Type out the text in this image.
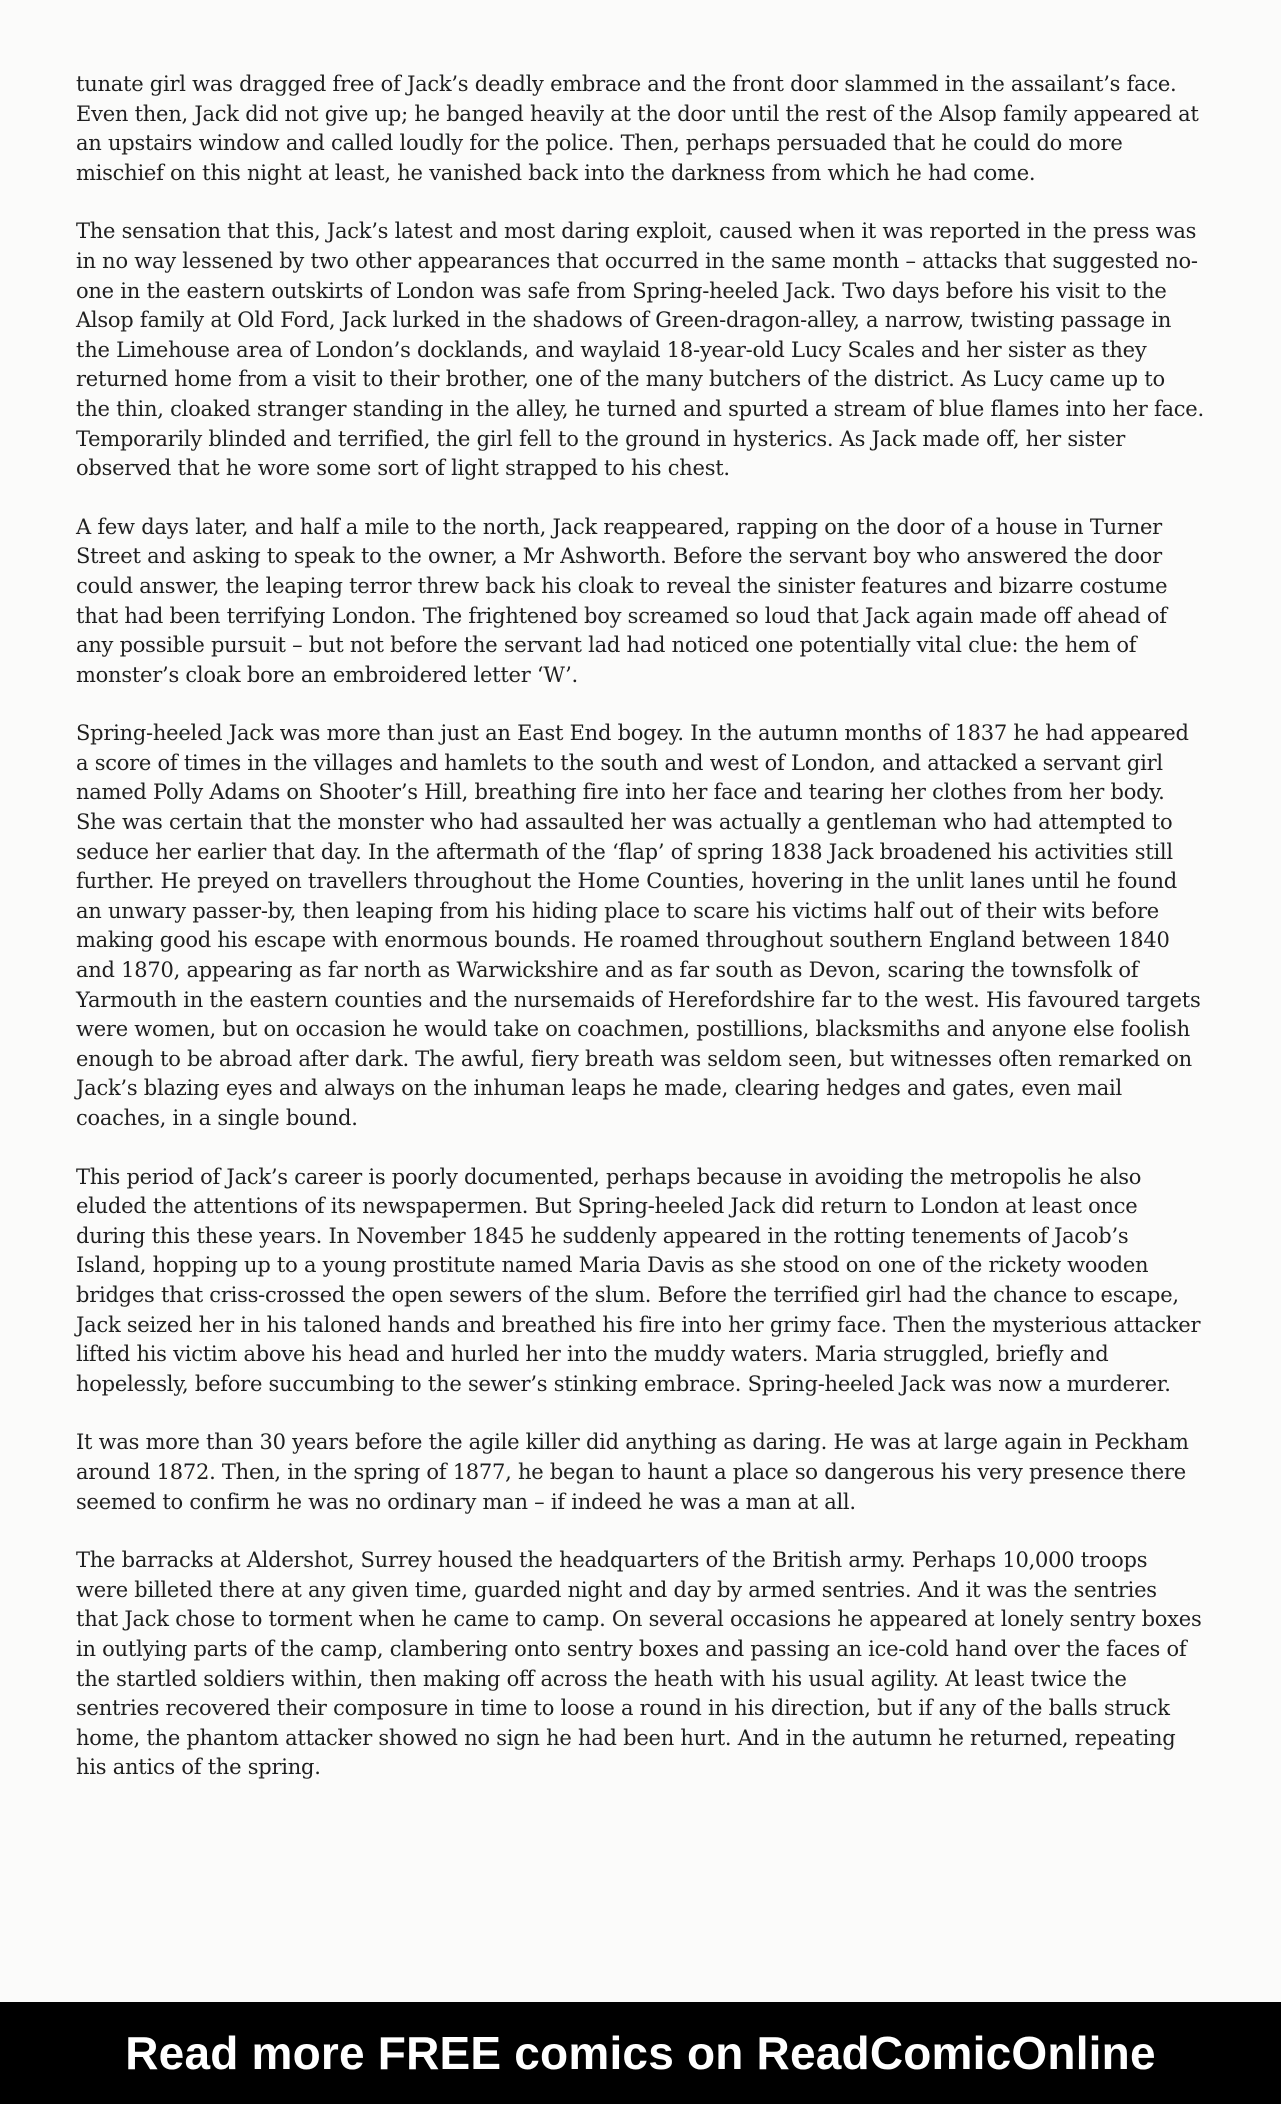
tunate girl was dragged free of Jack’s deadly embrace and the front door slammed in the assailant’s face. Even then, Jack did not give up; he banged heavily at the door until the rest of the Alsop family appeared at an upstairs window and called loudly for the police. Then, perhaps persuaded that he could do more mischief on this night at least, he vanished back into the darkness from which he had come.

The sensation that this, Jack’s latest and most daring exploit, caused when it was reported in the press was in no way lessened by two other appearances that occurred in the same month – attacks that suggested no-one in the eastern outskirts of London was safe from Spring-heeled Jack. Two days before his visit to the Alsop family at Old Ford, Jack lurked in the shadows of Green-dragon-alley, a narrow, twisting passage in the Limehouse area of London’s docklands, and waylaid 18-year-old Lucy Scales and her sister as they returned home from a visit to their brother, one of the many butchers of the district. As Lucy came up to the thin, cloaked stranger standing in the alley, he turned and spurted a stream of blue flames into her face. Temporarily blinded and terrified, the girl fell to the ground in hysterics. As Jack made off, her sister observed that he wore some sort of light strapped to his chest.

A few days later, and half a mile to the north, Jack reappeared, rapping on the door of a house in Turner Street and asking to speak to the owner, a Mr Ashworth. Before the servant boy who answered the door could answer, the leaping terror threw back his cloak to reveal the sinister features and bizarre costume that had been terrifying London. The frightened boy screamed so loud that Jack again made off ahead of any possible pursuit – but not before the servant lad had noticed one potentially vital clue: the hem of monster’s cloak bore an embroidered letter ‘W’.

Spring-heeled Jack was more than just an East End bogey. In the autumn months of 1837 he had appeared a score of times in the villages and hamlets to the south and west of London, and attacked a servant girl named Polly Adams on Shooter’s Hill, breathing fire into her face and tearing her clothes from her body. She was certain that the monster who had assaulted her was actually a gentleman who had attempted to seduce her earlier that day. In the aftermath of the ‘flap’ of spring 1838 Jack broadened his activities still further. He preyed on travellers throughout the Home Counties, hovering in the unlit lanes until he found an unwary passer-by, then leaping from his hiding place to scare his victims half out of their wits before making good his escape with enormous bounds. He roamed throughout southern England between 1840 and 1870, appearing as far north as Warwickshire and as far south as Devon, scaring the townsfolk of Yarmouth in the eastern counties and the nursemaids of Herefordshire far to the west. His favoured targets were women, but on occasion he would take on coachmen, postillions, blacksmiths and anyone else foolish enough to be abroad after dark. The awful, fiery breath was seldom seen, but witnesses often remarked on Jack’s blazing eyes and always on the inhuman leaps he made, clearing hedges and gates, even mail coaches, in a single bound.

This period of Jack’s career is poorly documented, perhaps because in avoiding the metropolis he also eluded the attentions of its newspapermen. But Spring-heeled Jack did return to London at least once during this these years. In November 1845 he suddenly appeared in the rotting tenements of Jacob’s Island, hopping up to a young prostitute named Maria Davis as she stood on one of the rickety wooden bridges that criss-crossed the open sewers of the slum. Before the terrified girl had the chance to escape, Jack seized her in his taloned hands and breathed his fire into her grimy face. Then the mysterious attacker lifted his victim above his head and hurled her into the muddy waters. Maria struggled, briefly and hopelessly, before succumbing to the sewer’s stinking embrace. Spring-heeled Jack was now a murderer.

It was more than 30 years before the agile killer did anything as daring. He was at large again in Peckham around 1872. Then, in the spring of 1877, he began to haunt a place so dangerous his very presence there seemed to confirm he was no ordinary man – if indeed he was a man at all.

The barracks at Aldershot, Surrey housed the headquarters of the British army. Perhaps 10,000 troops were billeted there at any given time, guarded night and day by armed sentries. And it was the sentries that Jack chose to torment when he came to camp. On several occasions he appeared at lonely sentry boxes in outlying parts of the camp, clambering onto sentry boxes and passing an ice-cold hand over the faces of the startled soldiers within, then making off across the heath with his usual agility. At least twice the sentries recovered their composure in time to loose a round in his direction, but if any of the balls struck home, the phantom attacker showed no sign he had been hurt. And in the autumn he returned, repeating his antics of the spring.

Read more FREE comics on ReadComicOnline
